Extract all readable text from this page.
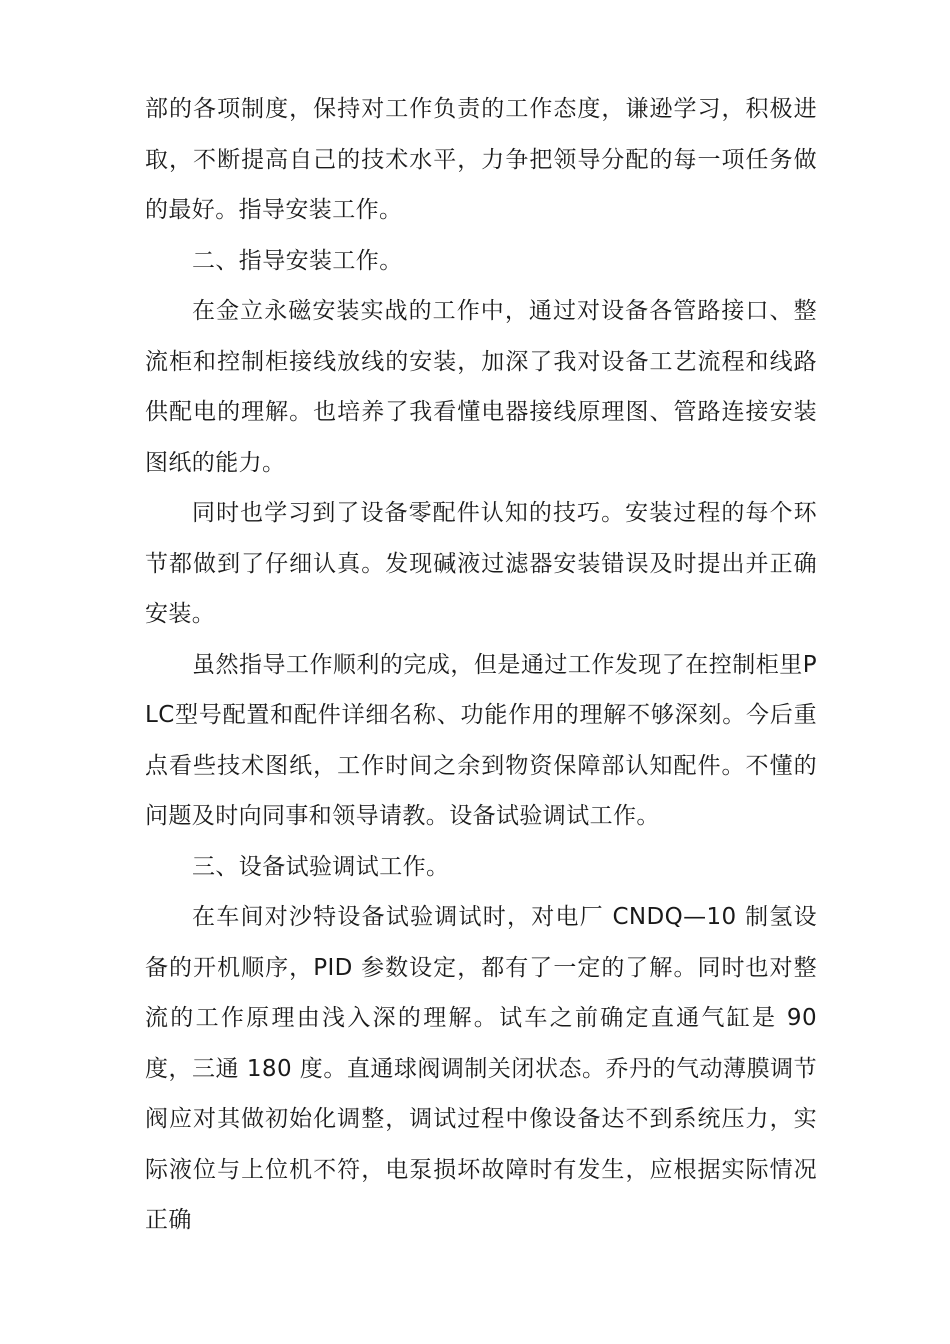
部的各项制度，保持对工作负责的工作态度，谦逊学习，积极进取，不断提高自己的技术水平，力争把领导分配的每一项任务做的最好。指导安装工作。

二、指导安装工作。

在金立永磁安装实战的工作中，通过对设备各管路接口、整流柜和控制柜接线放线的安装，加深了我对设备工艺流程和线路供配电的理解。也培养了我看懂电器接线原理图、管路连接安装图纸的能力。

同时也学习到了设备零配件认知的技巧。安装过程的每个环节都做到了仔细认真。发现碱液过滤器安装错误及时提出并正确安装。

虽然指导工作顺利的完成，但是通过工作发现了在控制柜里PLC型号配置和配件详细名称、功能作用的理解不够深刻。今后重点看些技术图纸，工作时间之余到物资保障部认知配件。不懂的问题及时向同事和领导请教。设备试验调试工作。

三、设备试验调试工作。

在车间对沙特设备试验调试时，对电厂 CNDQ—10 制氢设备的开机顺序，PID 参数设定，都有了一定的了解。同时也对整流的工作原理由浅入深的理解。试车之前确定直通气缸是 90 度，三通 180 度。直通球阀调制关闭状态。乔丹的气动薄膜调节阀应对其做初始化调整，调试过程中像设备达不到系统压力，实际液位与上位机不符，电泵损坏故障时有发生，应根据实际情况正确
